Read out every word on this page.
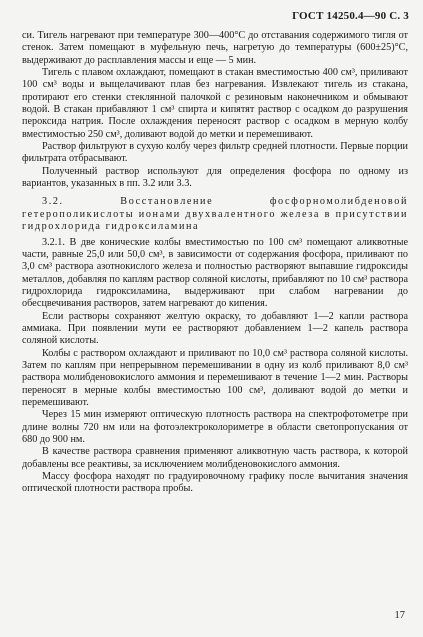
ГОСТ 14250.4—90 С. 3

си. Тигель нагревают при температуре 300—400°С до отставания содержимого тигля от стенок. Затем помещают в муфельную печь, нагретую до температуры (600±25)°С, выдерживают до расплавления массы и еще — 5 мин.

Тигель с плавом охлаждают, помещают в стакан вместимостью 400 см³, приливают 100 см³ воды и выщелачивают плав без нагревания. Извлекают тигель из стакана, протирают его стенки стеклянной палочкой с резиновым наконечником и обмывают водой. В стакан прибавляют 1 см³ спирта и кипятят раствор с осадком до разрушения пероксида натрия. После охлаждения переносят раствор с осадком в мерную колбу вместимостью 250 см³, доливают водой до метки и перемешивают.

Раствор фильтруют в сухую колбу через фильтр средней плотности. Первые порции фильтрата отбрасывают.

Полученный раствор используют для определения фосфора по одному из вариантов, указанных в пп. 3.2 или 3.3.

3.2. Восстановление фосфорномолибденовой гетерополикислоты ионами двухвалентного железа в присутствии гидрохлорида гидроксиламина

3.2.1. В две конические колбы вместимостью по 100 см³ помещают аликвотные части, равные 25,0 или 50,0 см³, в зависимости от содержания фосфора, приливают по 3,0 см³ раствора азотнокислого железа и полностью растворяют выпавшие гидроксиды металлов, добавляя по каплям раствор соляной кислоты, прибавляют по 10 см³ раствора гидрохлорида гидроксиламина, выдерживают при слабом нагревании до обесцвечивания растворов, затем нагревают до кипения.

Если растворы сохраняют желтую окраску, то добавляют 1—2 капли раствора аммиака. При появлении мути ее растворяют добавлением 1—2 капель раствора соляной кислоты.

Колбы с раствором охлаждают и приливают по 10,0 см³ раствора соляной кислоты. Затем по каплям при непрерывном перемешивании в одну из колб приливают 8,0 см³ раствора молибденовокислого аммония и перемешивают в течение 1—2 мин. Растворы переносят в мерные колбы вместимостью 100 см³, доливают водой до метки и перемешивают.

Через 15 мин измеряют оптическую плотность раствора на спектрофотометре при длине волны 720 нм или на фотоэлектроколориметре в области светопропускания от 680 до 900 нм.

В качестве раствора сравнения применяют аликвотную часть раствора, к которой добавлены все реактивы, за исключением молибденовокислого аммония.

Массу фосфора находят по градуировочному графику после вычитания значения оптической плотности раствора пробы.

17
